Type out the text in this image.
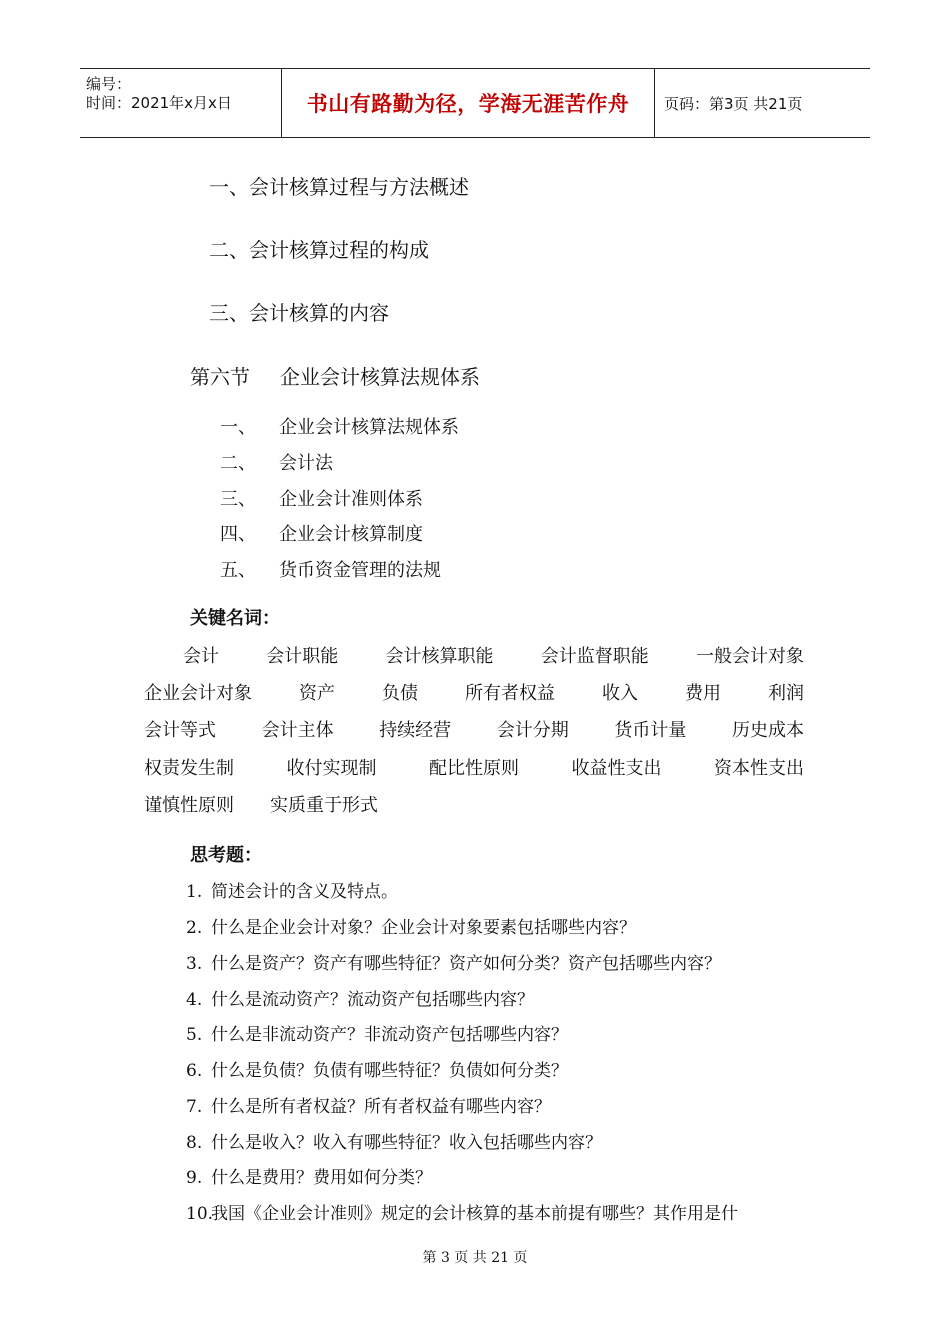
编号：
时间：2021年x月x日	书山有路勤为径，学海无涯苦作舟 页码：第3页 共21页
一、会计核算过程与方法概述
二、会计核算过程的构成
三、会计核算的内容
第六节 企业会计核算法规体系
一、 企业会计核算法规体系
二、 会计法
三、 企业会计准则体系
四、 企业会计核算制度
五、 货币资金管理的法规
关键名词：
会计	会计职能	会计核算职能	会计监督职能	一般会计对象
企业会计对象	资产	负债	所有者权益	收入	费用	利润
会计等式	会计主体	持续经营	会计分期	货币计量	历史成本
权责发生制	收付实现制	配比性原则	收益性支出	资本性支出
谨慎性原则 实质重于形式
思考题：
1. 简述会计的含义及特点。
2. 什么是企业会计对象？企业会计对象要素包括哪些内容？
3. 什么是资产？资产有哪些特征？资产如何分类？资产包括哪些内容？
4. 什么是流动资产？流动资产包括哪些内容？
5. 什么是非流动资产？非流动资产包括哪些内容？
6. 什么是负债？负债有哪些特征？负债如何分类？
7. 什么是所有者权益？所有者权益有哪些内容？
8. 什么是收入？收入有哪些特征？收入包括哪些内容？
9. 什么是费用？费用如何分类？
10.我国《企业会计准则》规定的会计核算的基本前提有哪些？其作用是什
第 3 页 共 21 页
